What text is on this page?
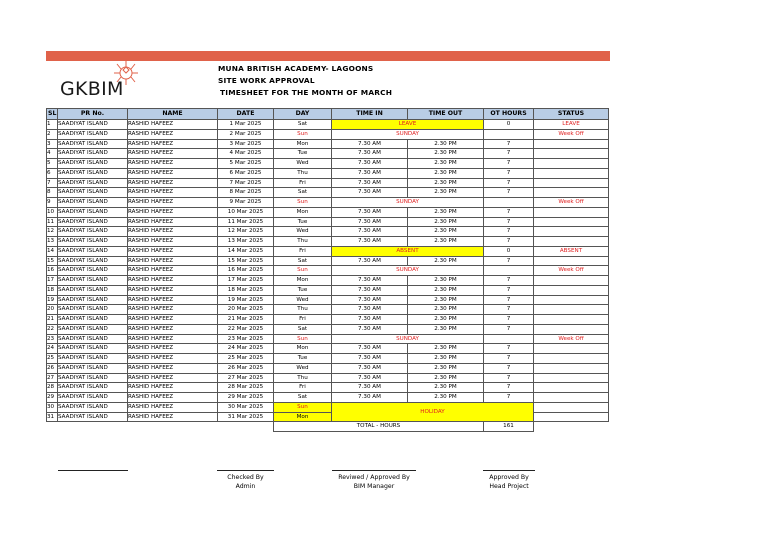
GKBIM
MUNA BRITISH ACADEMY- LAGOONS
SITE WORK APPROVAL
TIMESHEET FOR THE MONTH OF MARCH
SL	PR No.	NAME	DATE	DAY	TIME IN	TIME OUT	OT HOURS	STATUS
1	SAADIYAT ISLAND	RASHID HAFEEZ	1 Mar 2025	Sat	LEAVE		0	LEAVE
2	SAADIYAT ISLAND	RASHID HAFEEZ	2 Mar 2025	Sun	SUNDAY			Week Off
3	SAADIYAT ISLAND	RASHID HAFEEZ	3 Mar 2025	Mon	7.30 AM	2.30 PM	7	
4	SAADIYAT ISLAND	RASHID HAFEEZ	4 Mar 2025	Tue	7.30 AM	2.30 PM	7	
5	SAADIYAT ISLAND	RASHID HAFEEZ	5 Mar 2025	Wed	7.30 AM	2.30 PM	7	
6	SAADIYAT ISLAND	RASHID HAFEEZ	6 Mar 2025	Thu	7.30 AM	2.30 PM	7	
7	SAADIYAT ISLAND	RASHID HAFEEZ	7 Mar 2025	Fri	7.30 AM	2.30 PM	7	
8	SAADIYAT ISLAND	RASHID HAFEEZ	8 Mar 2025	Sat	7.30 AM	2.30 PM	7	
9	SAADIYAT ISLAND	RASHID HAFEEZ	9 Mar 2025	Sun	SUNDAY			Week Off
10	SAADIYAT ISLAND	RASHID HAFEEZ	10 Mar 2025	Mon	7.30 AM	2.30 PM	7	
11	SAADIYAT ISLAND	RASHID HAFEEZ	11 Mar 2025	Tue	7.30 AM	2.30 PM	7	
12	SAADIYAT ISLAND	RASHID HAFEEZ	12 Mar 2025	Wed	7.30 AM	2.30 PM	7	
13	SAADIYAT ISLAND	RASHID HAFEEZ	13 Mar 2025	Thu	7.30 AM	2.30 PM	7	
14	SAADIYAT ISLAND	RASHID HAFEEZ	14 Mar 2025	Fri	ABSENT		0	ABSENT
15	SAADIYAT ISLAND	RASHID HAFEEZ	15 Mar 2025	Sat	7.30 AM	2.30 PM	7	
16	SAADIYAT ISLAND	RASHID HAFEEZ	16 Mar 2025	Sun	SUNDAY			Week Off
17	SAADIYAT ISLAND	RASHID HAFEEZ	17 Mar 2025	Mon	7.30 AM	2.30 PM	7	
18	SAADIYAT ISLAND	RASHID HAFEEZ	18 Mar 2025	Tue	7.30 AM	2.30 PM	7	
19	SAADIYAT ISLAND	RASHID HAFEEZ	19 Mar 2025	Wed	7.30 AM	2.30 PM	7	
20	SAADIYAT ISLAND	RASHID HAFEEZ	20 Mar 2025	Thu	7.30 AM	2.30 PM	7	
21	SAADIYAT ISLAND	RASHID HAFEEZ	21 Mar 2025	Fri	7.30 AM	2.30 PM	7	
22	SAADIYAT ISLAND	RASHID HAFEEZ	22 Mar 2025	Sat	7.30 AM	2.30 PM	7	
23	SAADIYAT ISLAND	RASHID HAFEEZ	23 Mar 2025	Sun	SUNDAY			Week Off
24	SAADIYAT ISLAND	RASHID HAFEEZ	24 Mar 2025	Mon	7.30 AM	2.30 PM	7	
25	SAADIYAT ISLAND	RASHID HAFEEZ	25 Mar 2025	Tue	7.30 AM	2.30 PM	7	
26	SAADIYAT ISLAND	RASHID HAFEEZ	26 Mar 2025	Wed	7.30 AM	2.30 PM	7	
27	SAADIYAT ISLAND	RASHID HAFEEZ	27 Mar 2025	Thu	7.30 AM	2.30 PM	7	
28	SAADIYAT ISLAND	RASHID HAFEEZ	28 Mar 2025	Fri	7.30 AM	2.30 PM	7	
29	SAADIYAT ISLAND	RASHID HAFEEZ	29 Mar 2025	Sat	7.30 AM	2.30 PM	7	
30	SAADIYAT ISLAND	RASHID HAFEEZ	30 Mar 2025	Sun	HOLIDAY			
31	SAADIYAT ISLAND	RASHID HAFEEZ	31 Mar 2025	Mon				
				TOTAL - HOURS			161	
Checked By
Admin
Reviwed / Approved By
BIM Manager
Approved By
Head Project
